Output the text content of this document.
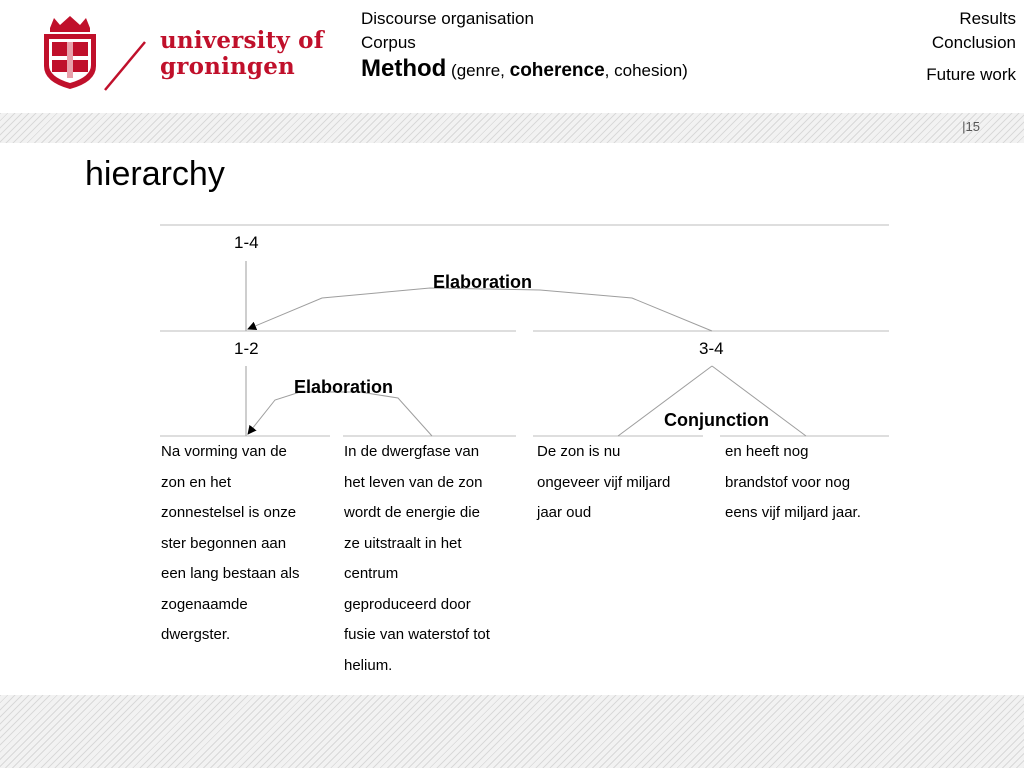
university of
groningen
Discourse organisation
Corpus
Method (genre, coherence, cohesion)
Results
Conclusion
Future work
|15
hierarchy
1-4
1-2	3-4
Elaboration
Elaboration
Conjunction
Na vorming van de
zon en het
zonnestelsel is onze
ster begonnen aan
een lang bestaan als
zogenaamde
dwergster.
In de dwergfase van
het leven van de zon
wordt de energie die
ze uitstraalt in het
centrum
geproduceerd door
fusie van waterstof tot
helium.
De zon is nu
ongeveer vijf miljard
jaar oud
en heeft nog
brandstof voor nog
eens vijf miljard jaar.
